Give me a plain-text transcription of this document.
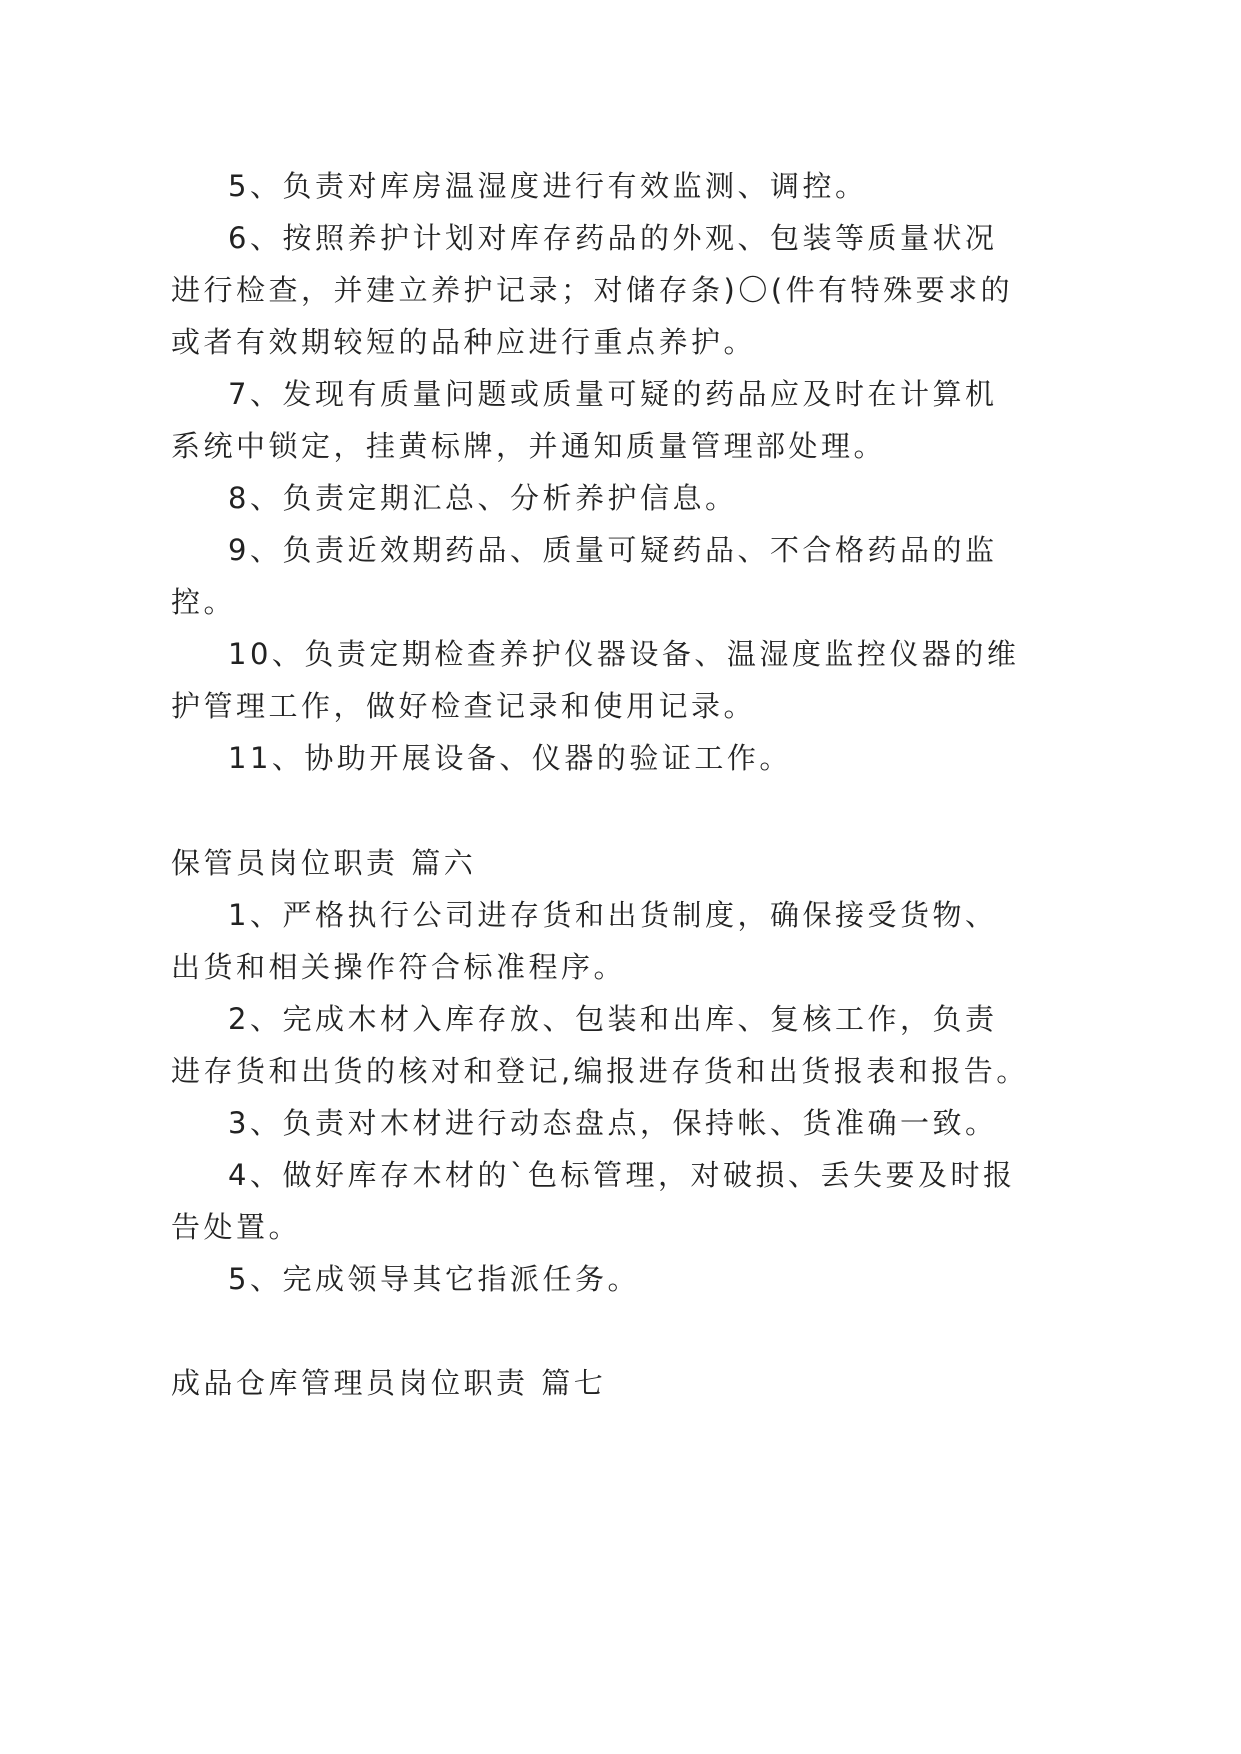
5、负责对库房温湿度进行有效监测、调控。
6、按照养护计划对库存药品的外观、包装等质量状况
进行检查，并建立养护记录；对储存条)〇(件有特殊要求的
或者有效期较短的品种应进行重点养护。
7、发现有质量问题或质量可疑的药品应及时在计算机
系统中锁定，挂黄标牌，并通知质量管理部处理。
8、负责定期汇总、分析养护信息。
9、负责近效期药品、质量可疑药品、不合格药品的监
控。
10、负责定期检查养护仪器设备、温湿度监控仪器的维
护管理工作，做好检查记录和使用记录。
11、协助开展设备、仪器的验证工作。
保管员岗位职责 篇六
1、严格执行公司进存货和出货制度，确保接受货物、
出货和相关操作符合标准程序。
2、完成木材入库存放、包装和出库、复核工作，负责
进存货和出货的核对和登记,编报进存货和出货报表和报告。
3、负责对木材进行动态盘点，保持帐、货准确一致。
4、做好库存木材的`色标管理，对破损、丢失要及时报
告处置。
5、完成领导其它指派任务。
成品仓库管理员岗位职责 篇七
